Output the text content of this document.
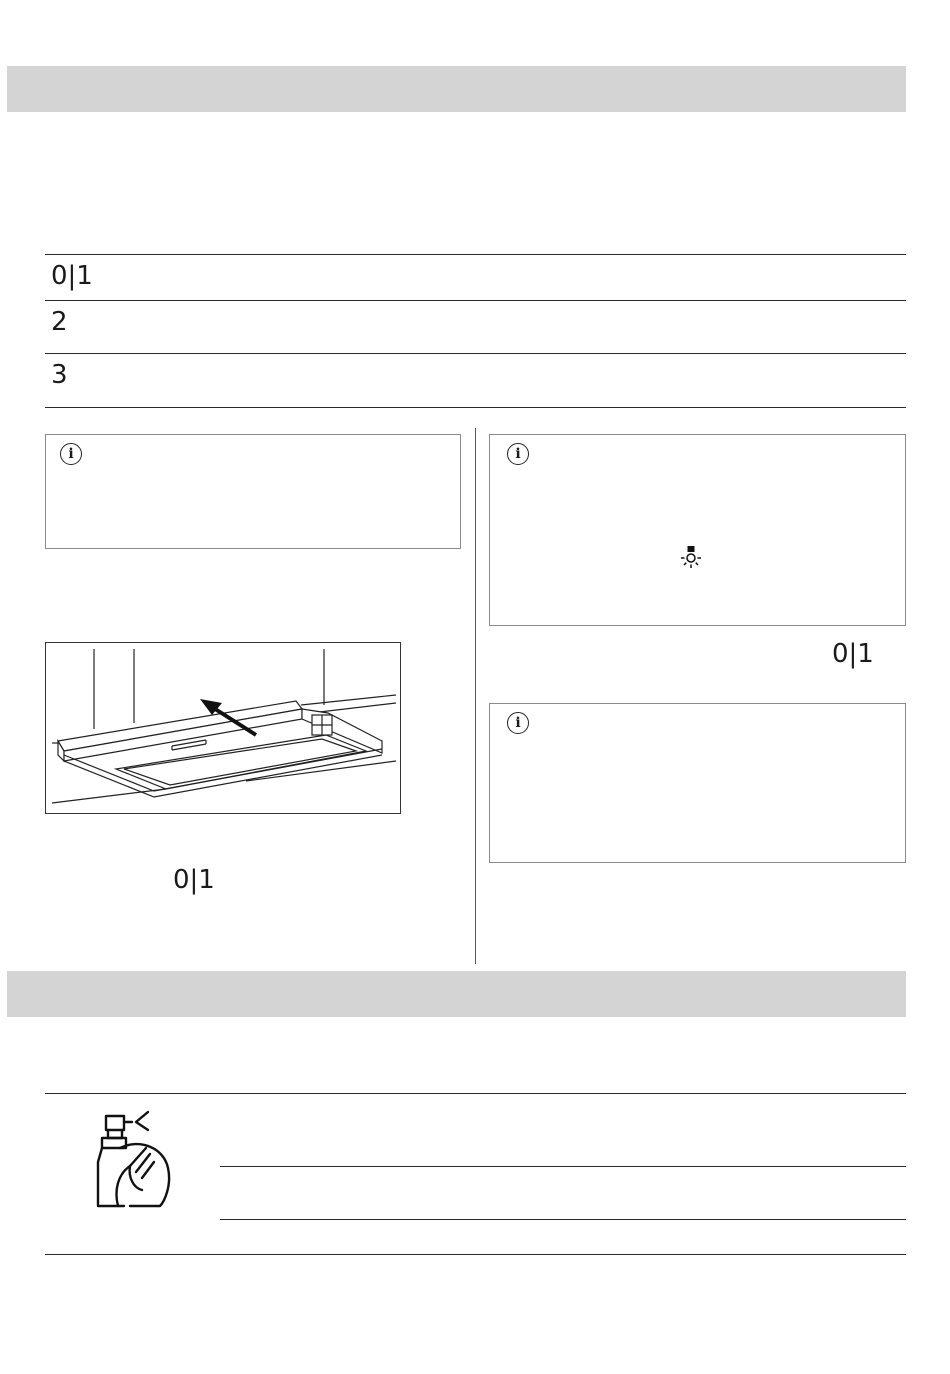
0|1
2
3
i
0|1
i
0|1
i
